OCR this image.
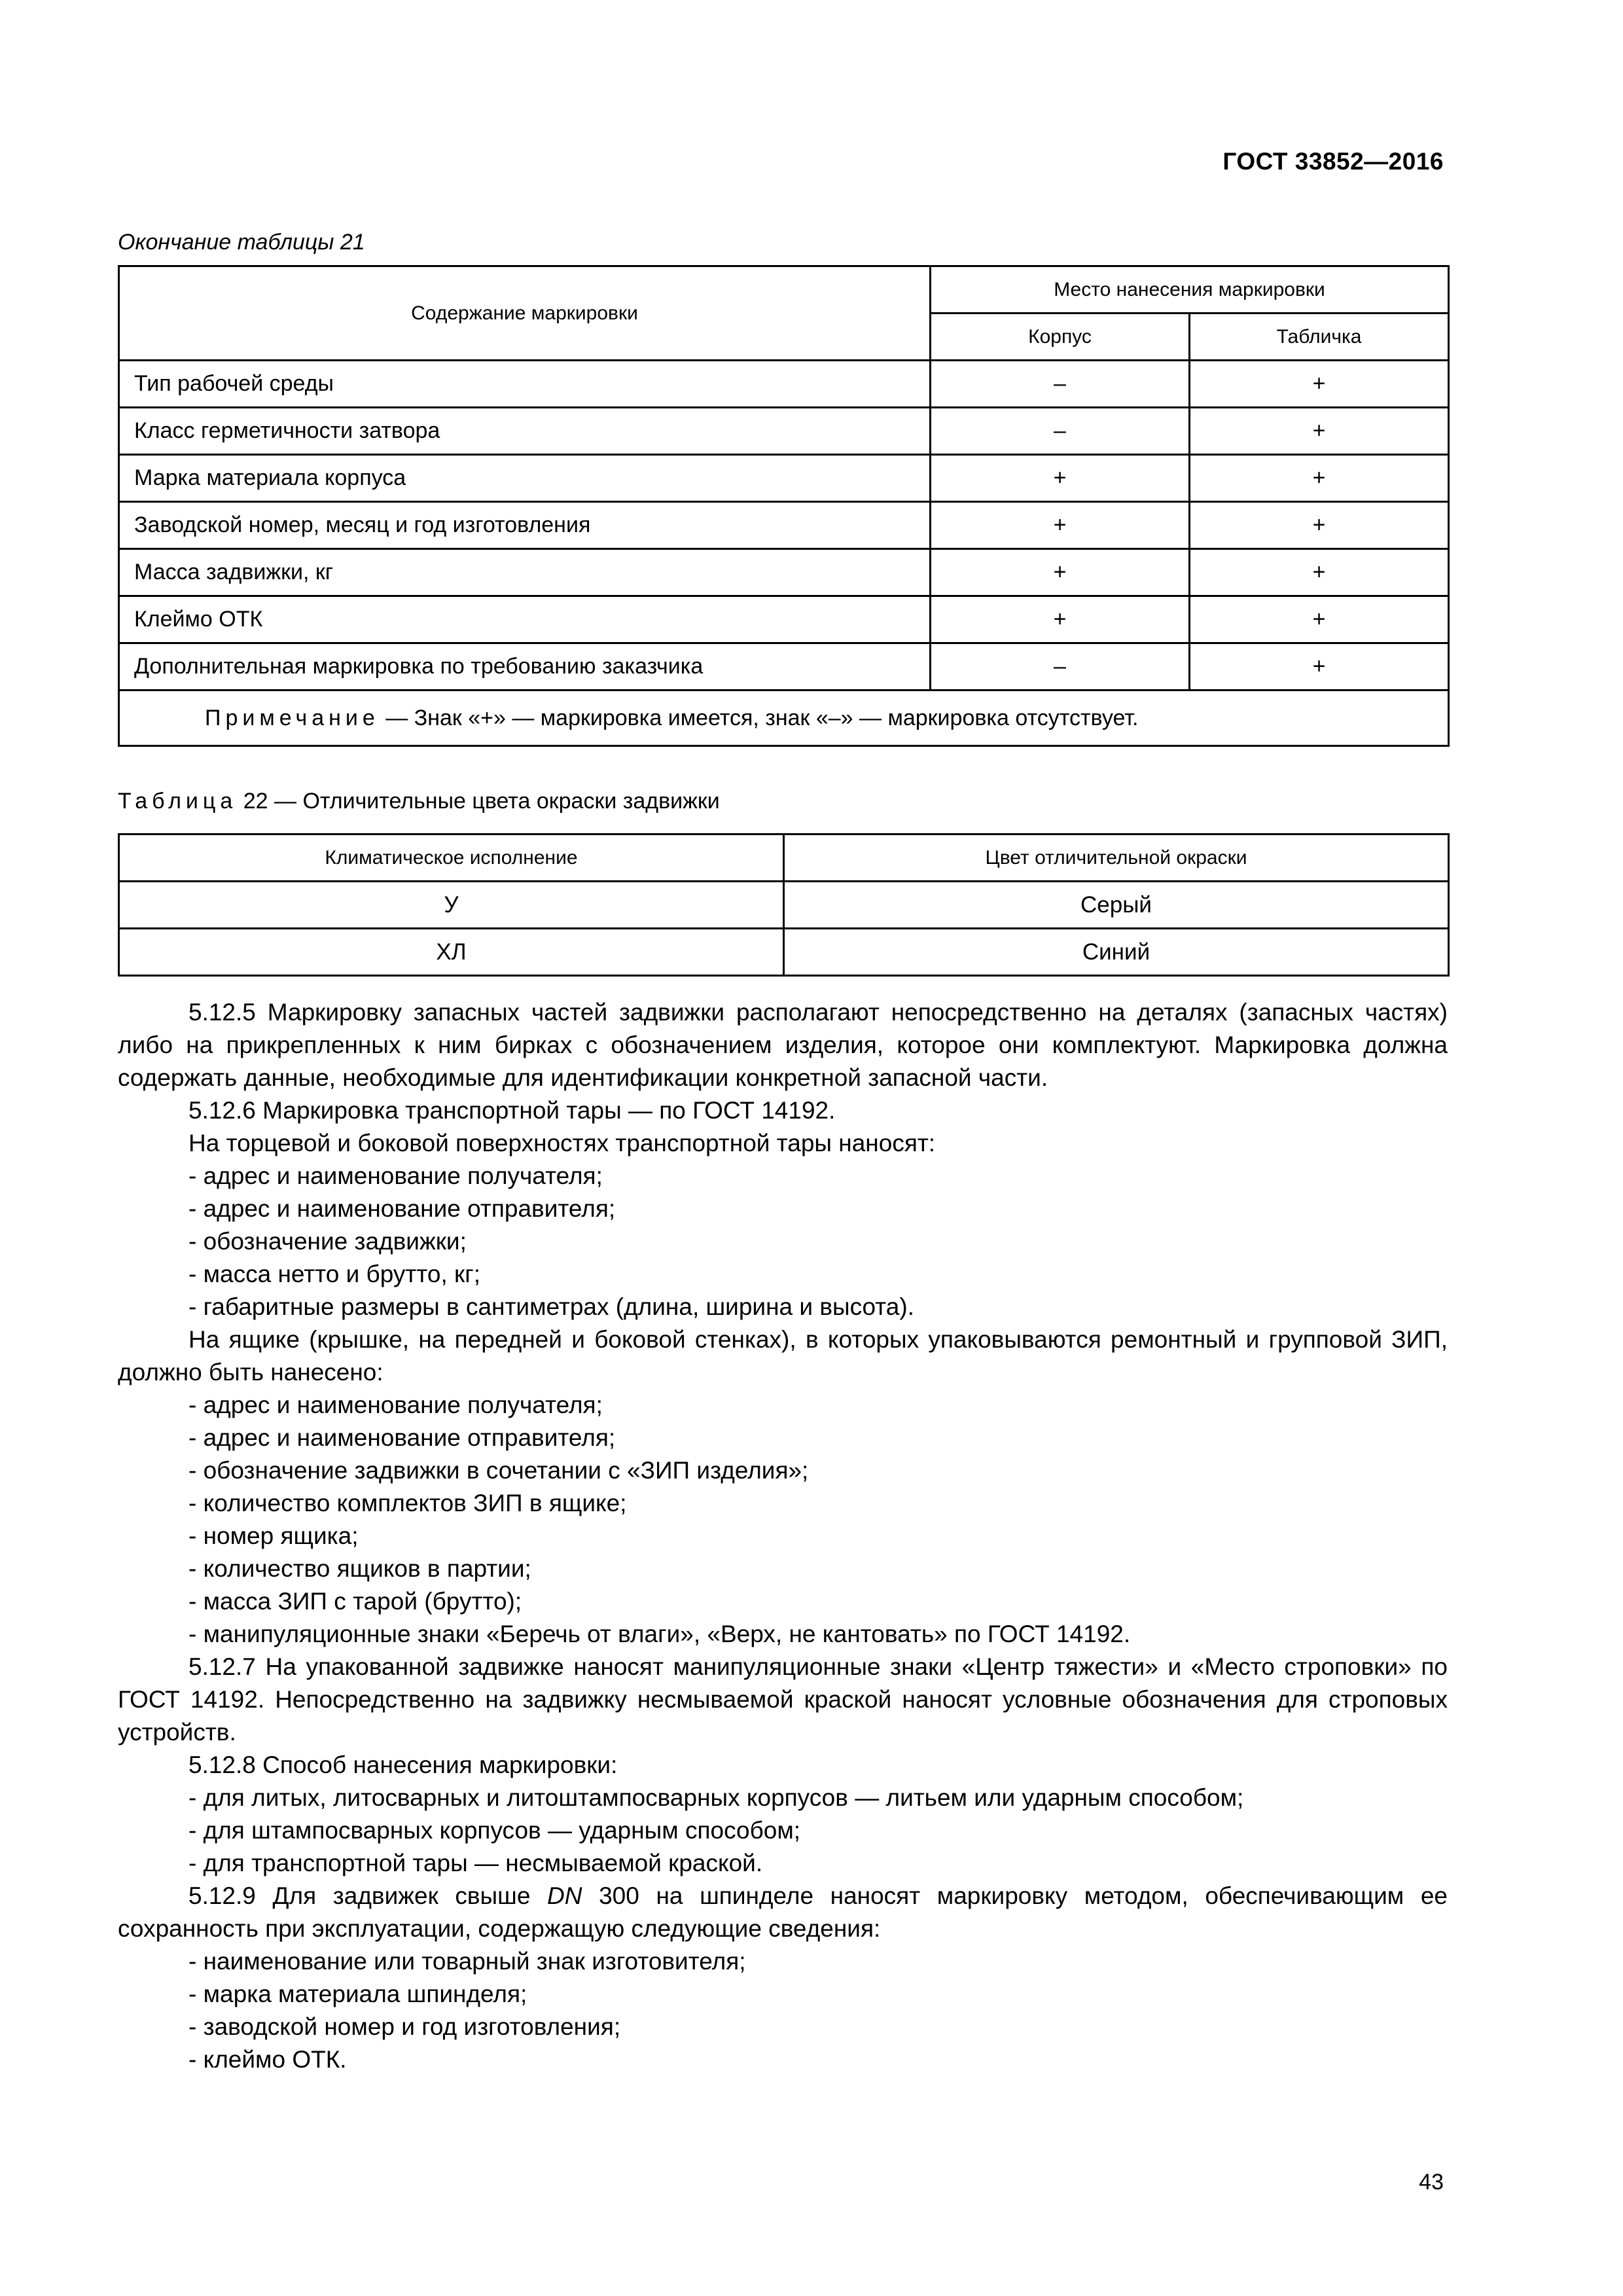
ГОСТ 33852—2016
Окончание таблицы 21
Содержание маркировки	Место нанесения маркировки	
	Корпус	Табличка
Тип рабочей среды	–	+
Класс герметичности затвора	–	+
Марка материала корпуса	+	+
Заводской номер, месяц и год изготовления	+	+
Масса задвижки, кг	+	+
Клеймо ОТК	+	+
Дополнительная маркировка по требованию заказчика	–	+
Примечание — Знак «+» — маркировка имеется, знак «–» — маркировка отсутствует.		
Таблица 22 — Отличительные цвета окраски задвижки
Климатическое исполнение	Цвет отличительной окраски
У	Серый
ХЛ	Синий

5.12.5 Маркировку запасных частей задвижки располагают непосредственно на деталях (запасных частях) либо на прикрепленных к ним бирках с обозначением изделия, которое они комплектуют. Маркировка должна содержать данные, необходимые для идентификации конкретной запасной части.

5.12.6 Маркировка транспортной тары — по ГОСТ 14192.

На торцевой и боковой поверхностях транспортной тары наносят:

- адрес и наименование получателя;
- адрес и наименование отправителя;
- обозначение задвижки;
- масса нетто и брутто, кг;
- габаритные размеры в сантиметрах (длина, ширина и высота).

На ящике (крышке, на передней и боковой стенках), в которых упаковываются ремонтный и групповой ЗИП, должно быть нанесено:

- адрес и наименование получателя;
- адрес и наименование отправителя;
- обозначение задвижки в сочетании с «ЗИП изделия»;
- количество комплектов ЗИП в ящике;
- номер ящика;
- количество ящиков в партии;
- масса ЗИП с тарой (брутто);
- манипуляционные знаки «Беречь от влаги», «Верх, не кантовать» по ГОСТ 14192.

5.12.7 На упакованной задвижке наносят манипуляционные знаки «Центр тяжести» и «Место строповки» по ГОСТ 14192. Непосредственно на задвижку несмываемой краской наносят условные обозначения для строповых устройств.

5.12.8 Способ нанесения маркировки:

- для литых, литосварных и литоштампосварных корпусов — литьем или ударным способом;
- для штампосварных корпусов — ударным способом;
- для транспортной тары — несмываемой краской.

5.12.9 Для задвижек свыше DN 300 на шпинделе наносят маркировку методом, обеспечивающим ее сохранность при эксплуатации, содержащую следующие сведения:

- наименование или товарный знак изготовителя;
- марка материала шпинделя;
- заводской номер и год изготовления;
- клеймо ОТК.
43
